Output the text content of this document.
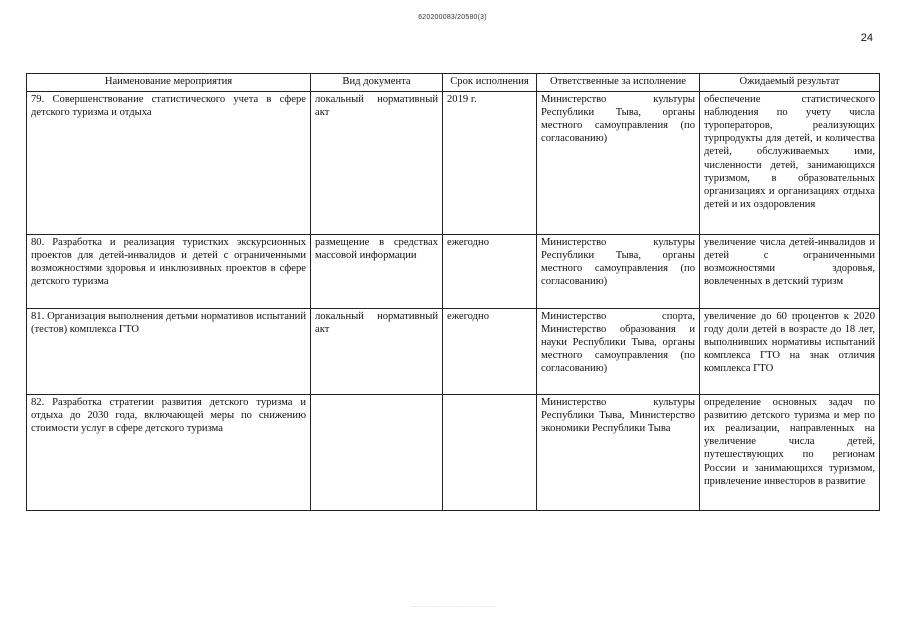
620200083/20580(3)
24
Наименование мероприятия	Вид документа	Срок исполнения	Ответственные за исполнение	Ожидаемый результат
79. Совершенствование статистического учета в сфере детского туризма и отдыха	локальный нормативный акт	2019 г.	Министерство культуры Республики Тыва, органы местного самоуправления (по согласованию)	обеспечение статистического наблюдения по учету числа туроператоров, реализующих турпродукты для детей, и количества детей, обслуживаемых ими, численности детей, занимающихся туризмом, в образовательных организациях и организациях отдыха детей и их оздоровления
80. Разработка и реализация туристких экскурсионных проектов для детей-инвалидов и детей с ограниченными возможностями здоровья и инклюзивных проектов в сфере детского туризма	размещение в средствах массовой информации	ежегодно	Министерство культуры Республики Тыва, органы местного самоуправления (по согласованию)	увеличение числа детей-инвалидов и детей с ограниченными возможностями здоровья, вовлеченных в детский туризм
81. Организация выполнения детьми нормативов испытаний (тестов) комплекса ГТО	локальный нормативный акт	ежегодно	Министерство спорта, Министерство образования и науки Республики Тыва, органы местного самоуправления (по согласованию)	увеличение до 60 процентов к 2020 году доли детей в возрасте до 18 лет, выполнивших нормативы испытаний комплекса ГТО на знак отличия комплекса ГТО
82. Разработка стратегии развития детского туризма и отдыха до 2030 года, включающей меры по снижению стоимости услуг в сфере детского туризма			Министерство культуры Республики Тыва, Министерство экономики Республики Тыва	определение основных задач по развитию детского туризма и мер по их реализации, направленных на увеличение числа детей, путешествующих по регионам России и занимающихся туризмом, привлечение инвесторов в развитие
........................................................
